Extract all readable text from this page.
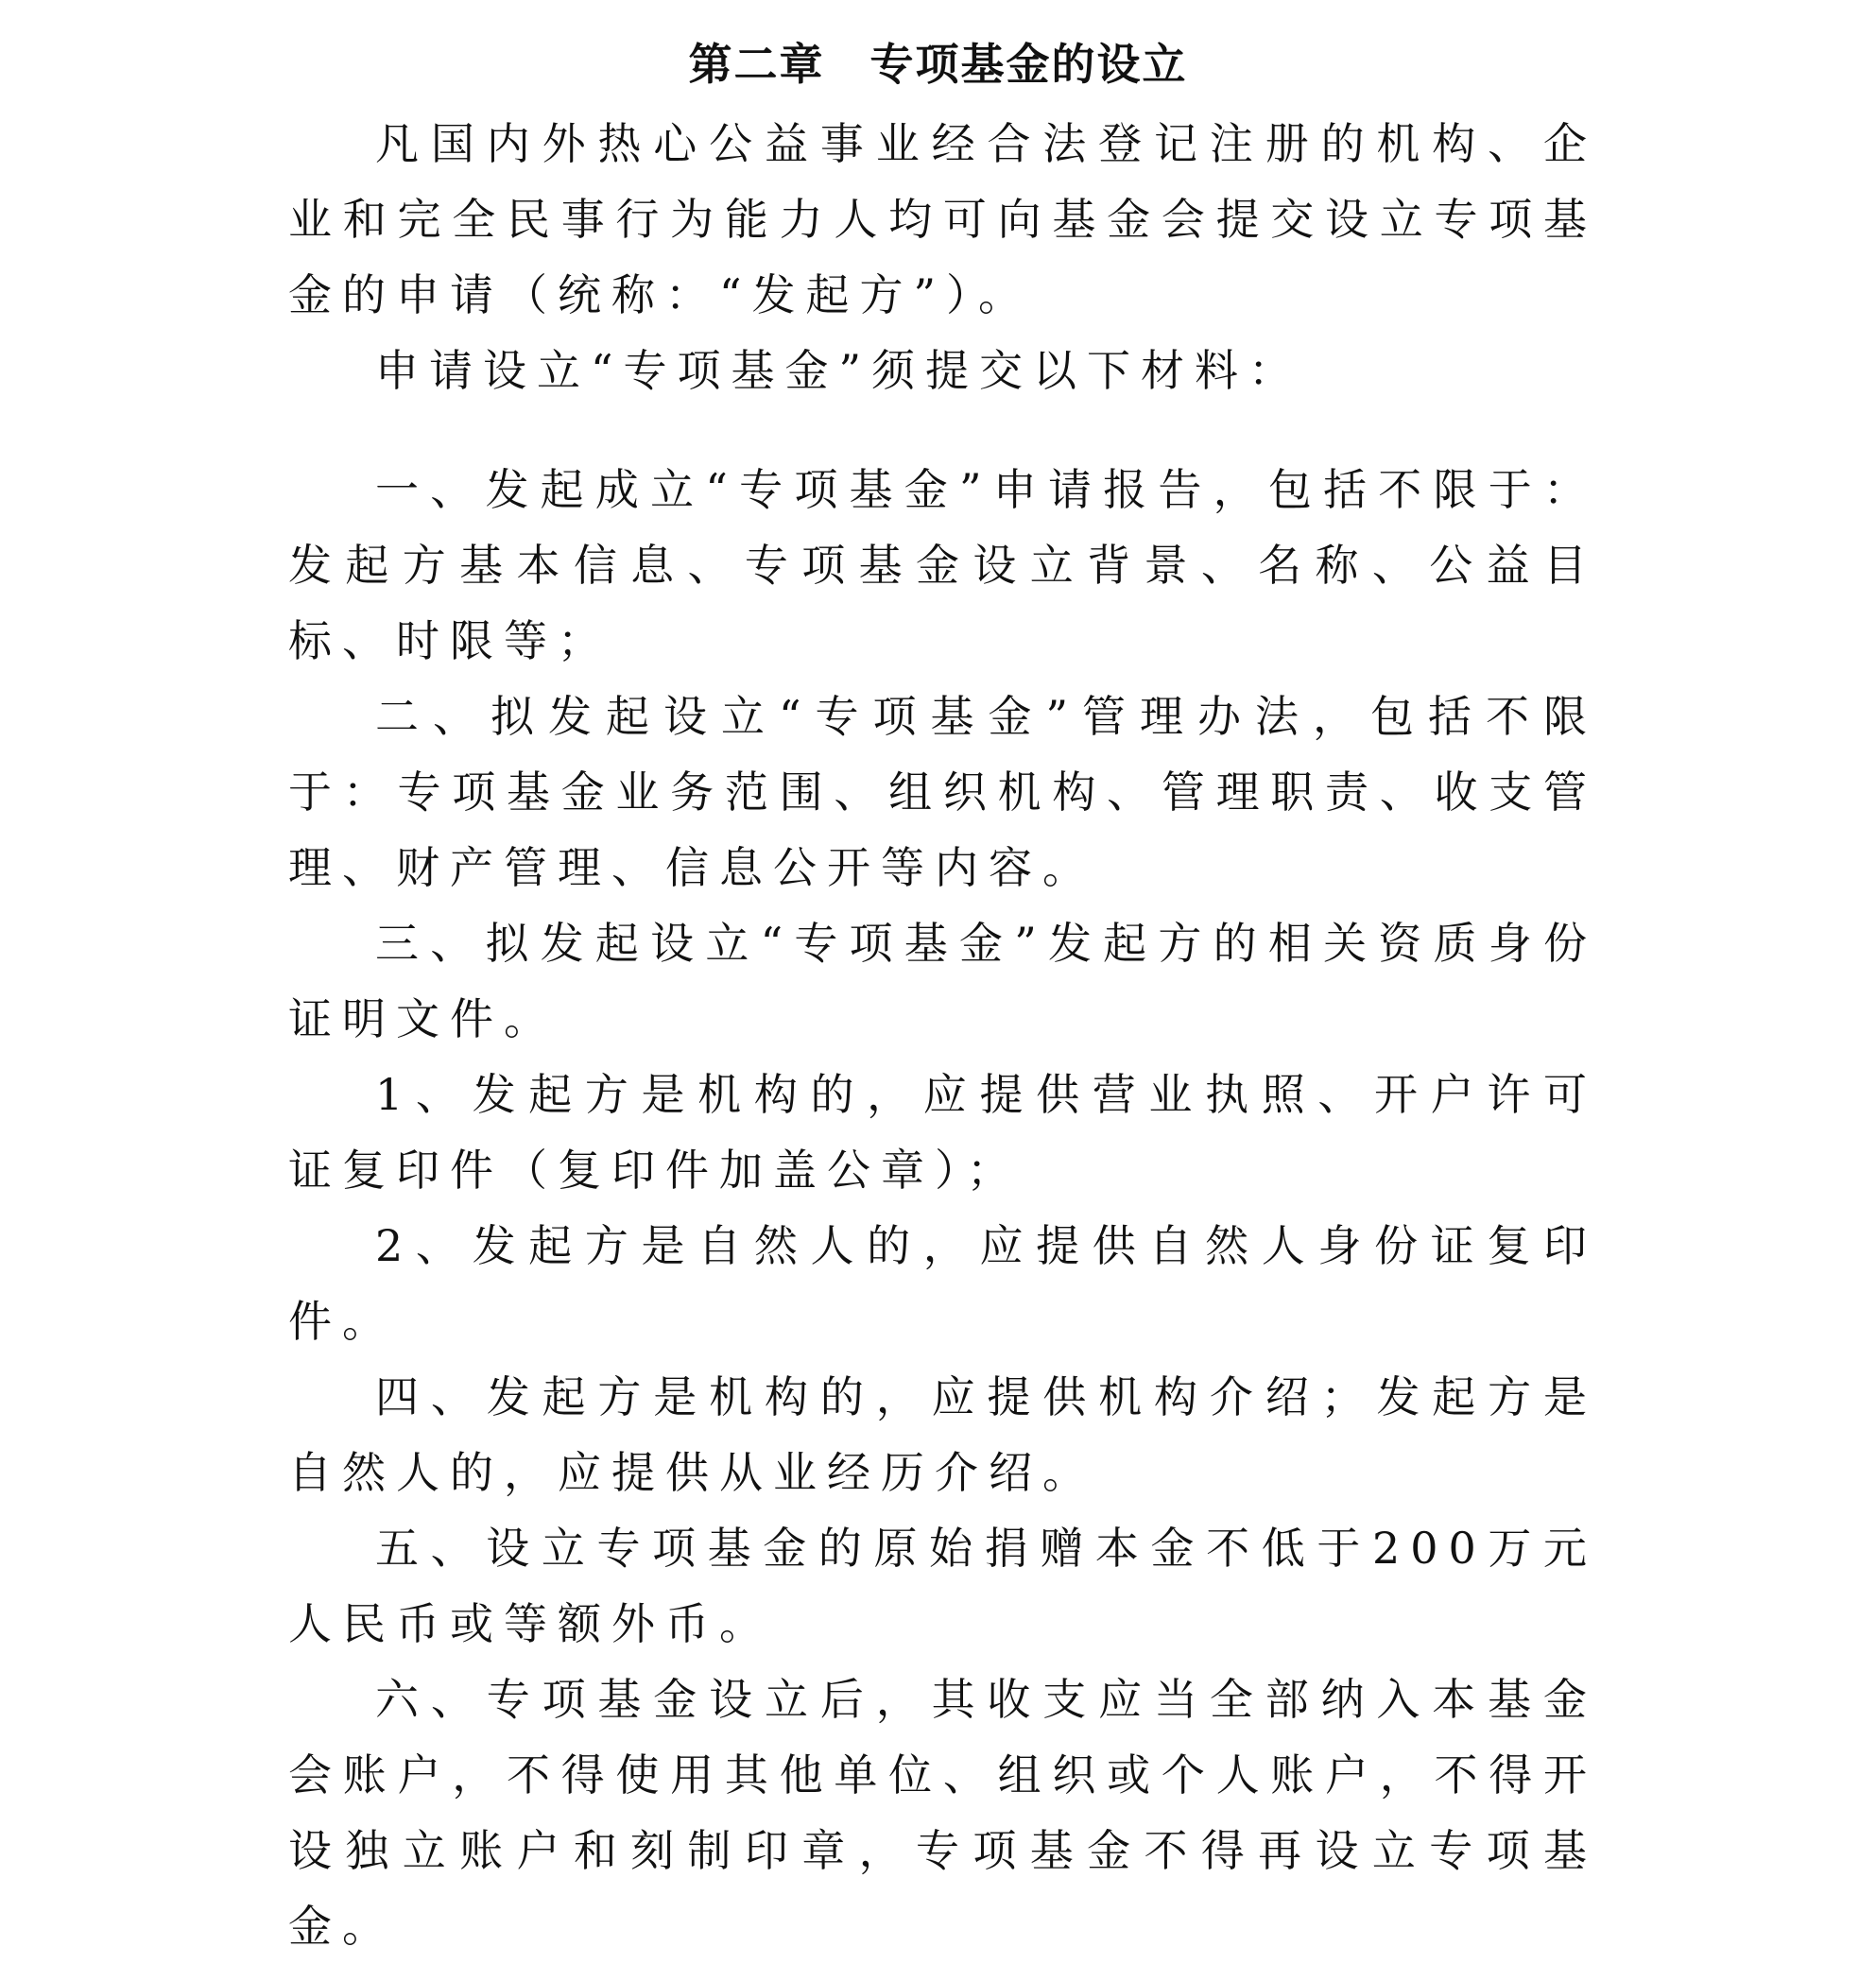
第二章　专项基金的设立

凡国内外热心公益事业经合法登记注册的机构、企业和完全民事行为能力人均可向基金会提交设立专项基金的申请（统称：“发起方”）。

申请设立“专项基金”须提交以下材料：

一、发起成立“专项基金”申请报告，包括不限于：发起方基本信息、专项基金设立背景、名称、公益目标、时限等；

二、拟发起设立“专项基金”管理办法，包括不限于：专项基金业务范围、组织机构、管理职责、收支管理、财产管理、信息公开等内容。

三、拟发起设立“专项基金”发起方的相关资质身份证明文件。

1、发起方是机构的，应提供营业执照、开户许可证复印件（复印件加盖公章）；

2、发起方是自然人的，应提供自然人身份证复印件。

四、发起方是机构的，应提供机构介绍；发起方是自然人的，应提供从业经历介绍。

五、设立专项基金的原始捐赠本金不低于200万元人民币或等额外币。

六、专项基金设立后，其收支应当全部纳入本基金会账户，不得使用其他单位、组织或个人账户，不得开设独立账户和刻制印章，专项基金不得再设立专项基金。
